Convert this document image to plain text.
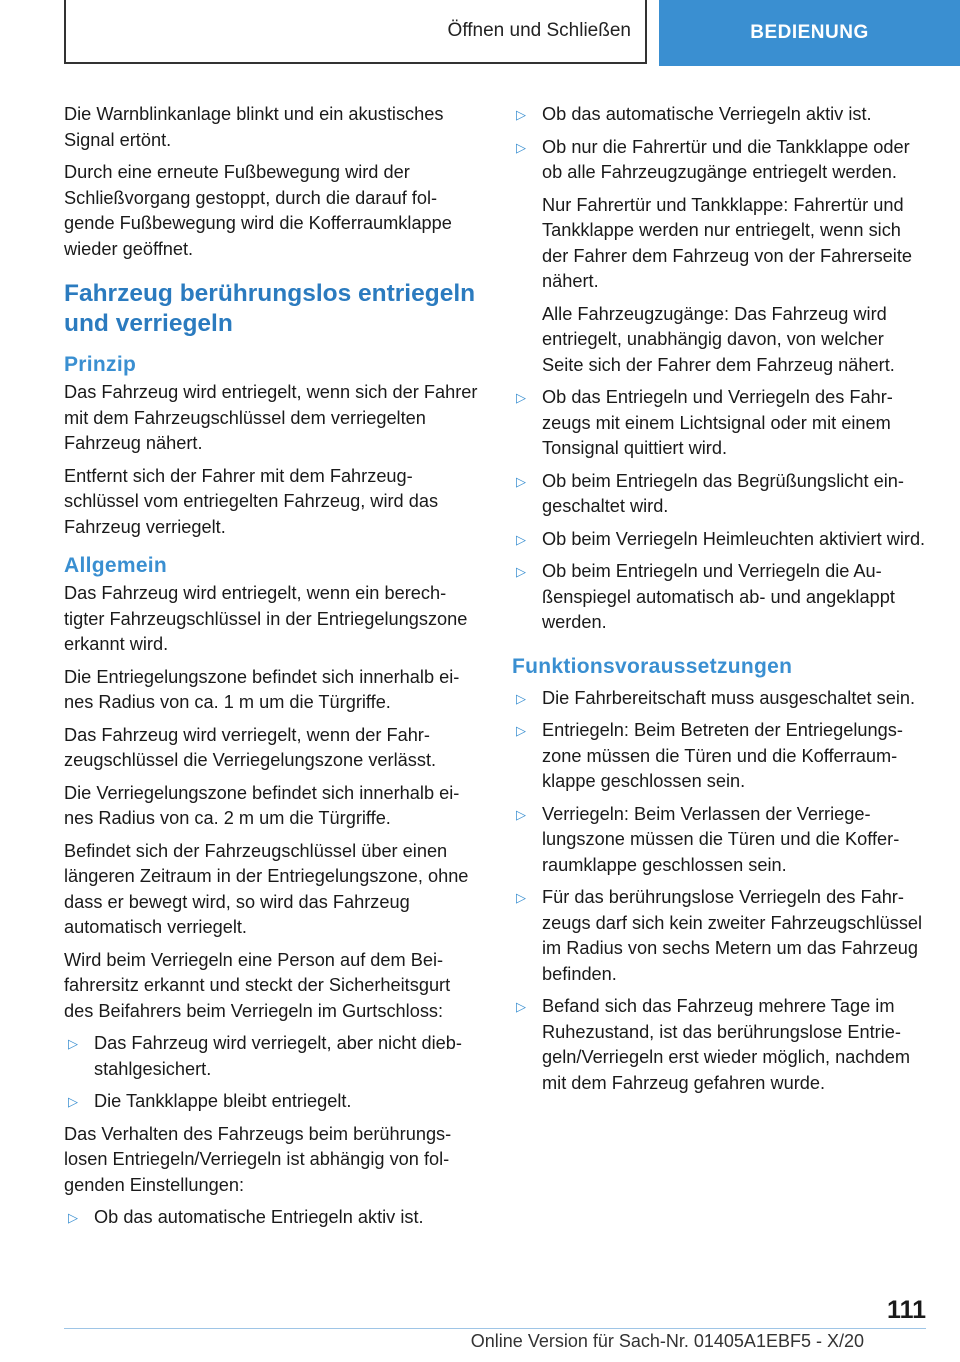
Öffnen und Schließen	BEDIENUNG

Die Warnblinkanlage blinkt und ein akustisches Signal ertönt.

Durch eine erneute Fußbewegung wird der Schließvorgang gestoppt, durch die darauf folgende Fußbewegung wird die Kofferraumklappe wieder geöffnet.

Fahrzeug berührungslos entriegeln und verriegeln
Prinzip

Das Fahrzeug wird entriegelt, wenn sich der Fahrer mit dem Fahrzeugschlüssel dem verriegelten Fahrzeug nähert.

Entfernt sich der Fahrer mit dem Fahrzeugschlüssel vom entriegelten Fahrzeug, wird das Fahrzeug verriegelt.

Allgemein

Das Fahrzeug wird entriegelt, wenn ein berechtigter Fahrzeugschlüssel in der Entriegelungszone erkannt wird.

Die Entriegelungszone befindet sich innerhalb eines Radius von ca. 1 m um die Türgriffe.

Das Fahrzeug wird verriegelt, wenn der Fahrzeugschlüssel die Verriegelungszone verlässt.

Die Verriegelungszone befindet sich innerhalb eines Radius von ca. 2 m um die Türgriffe.

Befindet sich der Fahrzeugschlüssel über einen längeren Zeitraum in der Entriegelungszone, ohne dass er bewegt wird, so wird das Fahrzeug automatisch verriegelt.

Wird beim Verriegeln eine Person auf dem Beifahrersitz erkannt und steckt der Sicherheitsgurt des Beifahrers beim Verriegeln im Gurtschloss:

▷ Das Fahrzeug wird verriegelt, aber nicht diebstahlgesichert.
▷ Die Tankklappe bleibt entriegelt.

Das Verhalten des Fahrzeugs beim berührungslosen Entriegeln/Verriegeln ist abhängig von folgenden Einstellungen:

▷ Ob das automatische Entriegeln aktiv ist.
▷ Ob das automatische Verriegeln aktiv ist.
▷ Ob nur die Fahrertür und die Tankklappe oder ob alle Fahrzeugzugänge entriegelt werden.

Nur Fahrertür und Tankklappe: Fahrertür und Tankklappe werden nur entriegelt, wenn sich der Fahrer dem Fahrzeug von der Fahrerseite nähert.

Alle Fahrzeugzugänge: Das Fahrzeug wird entriegelt, unabhängig davon, von welcher Seite sich der Fahrer dem Fahrzeug nähert.

▷ Ob das Entriegeln und Verriegeln des Fahrzeugs mit einem Lichtsignal oder mit einem Tonsignal quittiert wird.
▷ Ob beim Entriegeln das Begrüßungslicht eingeschaltet wird.
▷ Ob beim Verriegeln Heimleuchten aktiviert wird.
▷ Ob beim Entriegeln und Verriegeln die Außenspiegel automatisch ab- und angeklappt werden.
Funktionsvoraussetzungen
▷ Die Fahrbereitschaft muss ausgeschaltet sein.
▷ Entriegeln: Beim Betreten der Entriegelungszone müssen die Türen und die Kofferraumklappe geschlossen sein.
▷ Verriegeln: Beim Verlassen der Verriegelungszone müssen die Türen und die Kofferraumklappe geschlossen sein.
▷ Für das berührungslose Verriegeln des Fahrzeugs darf sich kein zweiter Fahrzeugschlüssel im Radius von sechs Metern um das Fahrzeug befinden.
▷ Befand sich das Fahrzeug mehrere Tage im Ruhezustand, ist das berührungslose Entriegeln/Verriegeln erst wieder möglich, nachdem mit dem Fahrzeug gefahren wurde.
111
Online Version für Sach-Nr. 01405A1EBF5 - X/20
